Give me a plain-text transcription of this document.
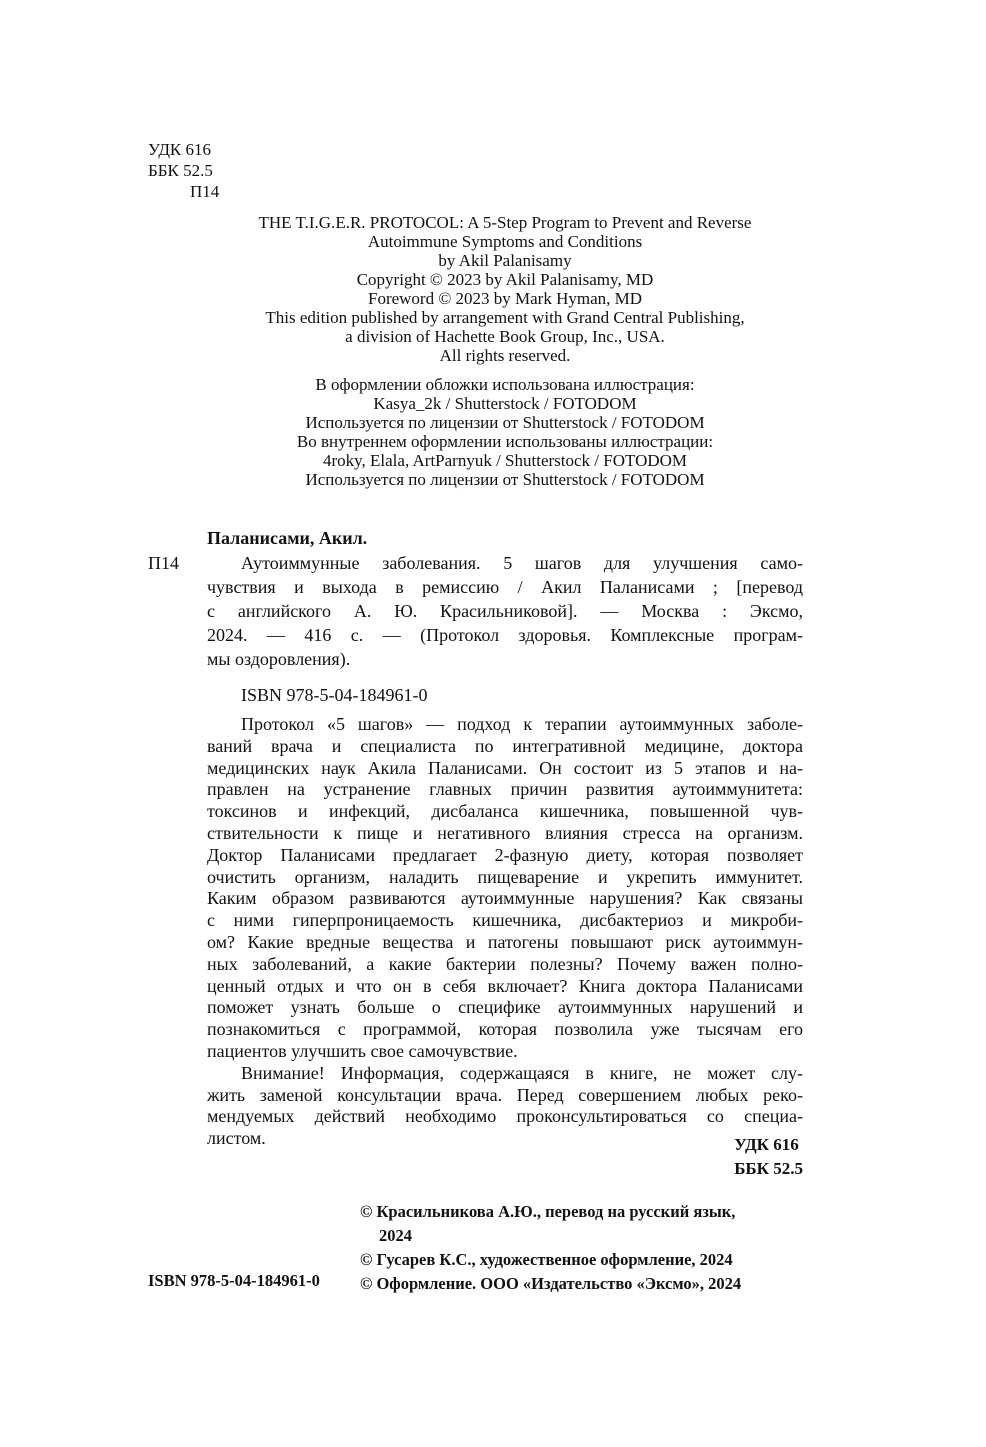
УДК 616
ББК 52.5
П14
THE T.I.G.E.R. PROTOCOL: A 5-Step Program to Prevent and Reverse
Autoimmune Symptoms and Conditions
by Akil Palanisamy
Copyright © 2023 by Akil Palanisamy, MD
Foreword © 2023 by Mark Hyman, MD
This edition published by arrangement with Grand Central Publishing,
a division of Hachette Book Group, Inc., USA.
All rights reserved.
В оформлении обложки использована иллюстрация:
Kasya_2k / Shutterstock / FOTODOM
Используется по лицензии от Shutterstock / FOTODOM
Во внутреннем оформлении использованы иллюстрации:
4roky, Elala, ArtParnyuk / Shutterstock / FOTODOM
Используется по лицензии от Shutterstock / FOTODOM
Паланисами, Акил.
П14	Аутоиммунные заболевания. 5 шагов для улучшения само-
чувствия и выхода в ремиссию / Акил Паланисами ; [перевод
с английского А. Ю. Красильниковой]. — Москва : Эксмо,
2024. — 416 с. — (Протокол здоровья. Комплексные програм-
мы оздоровления).
ISBN 978-5-04-184961-0
Протокол «5 шагов» — подход к терапии аутоиммунных заболе-
ваний врача и специалиста по интегративной медицине, доктора
медицинских наук Акила Паланисами. Он состоит из 5 этапов и на-
правлен на устранение главных причин развития аутоиммунитета:
токсинов и инфекций, дисбаланса кишечника, повышенной чув-
ствительности к пище и негативного влияния стресса на организм.
Доктор Паланисами предлагает 2-фазную диету, которая позволяет
очистить организм, наладить пищеварение и укрепить иммунитет.
Каким образом развиваются аутоиммунные нарушения? Как связаны
с ними гиперпроницаемость кишечника, дисбактериоз и микроби-
ом? Какие вредные вещества и патогены повышают риск аутоиммун-
ных заболеваний, а какие бактерии полезны? Почему важен полно-
ценный отдых и что он в себя включает? Книга доктора Паланисами
поможет узнать больше о специфике аутоиммунных нарушений и
познакомиться с программой, которая позволила уже тысячам его
пациентов улучшить свое самочувствие.
Внимание! Информация, содержащаяся в книге, не может слу-
жить заменой консультации врача. Перед совершением любых реко-
мендуемых действий необходимо проконсультироваться со специа-
листом.	УДК 616
ББК 52.5
© Красильникова А.Ю., перевод на русский язык,
2024
© Гусарев К.С., художественное оформление, 2024
© Оформление. ООО «Издательство «Эксмо», 2024
ISBN 978-5-04-184961-0
